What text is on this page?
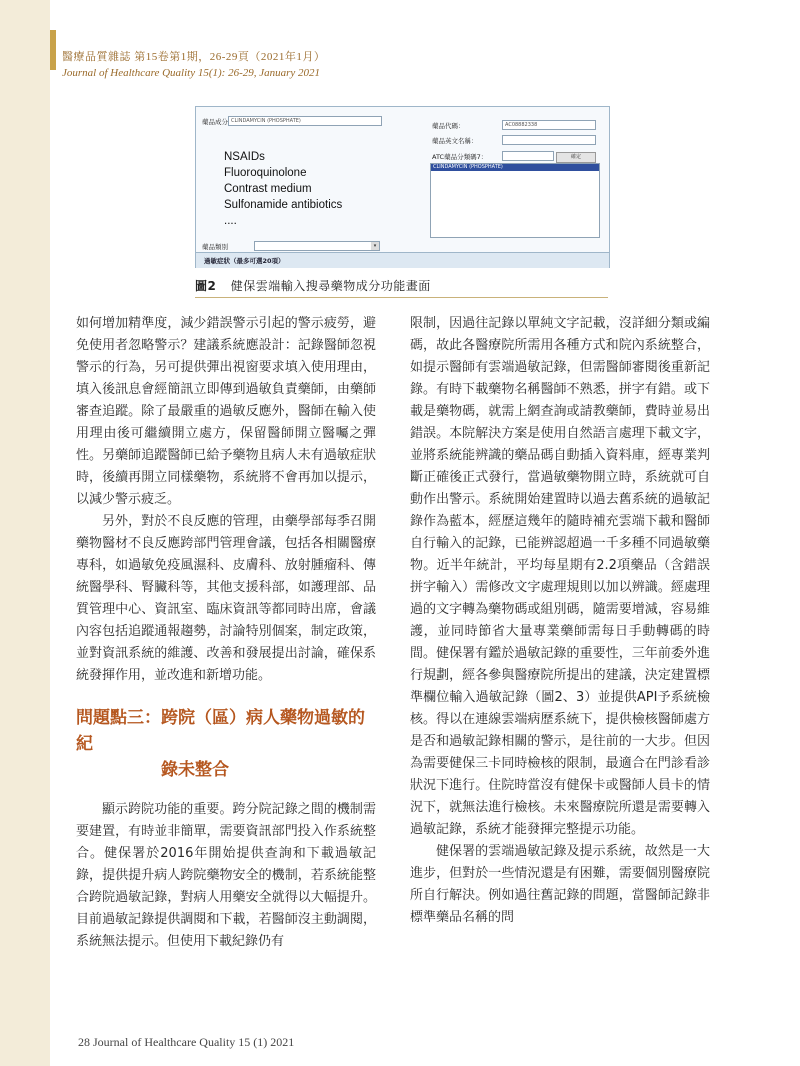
醫療品質雜誌 第15卷第1期，26-29頁（2021年1月）
Journal of Healthcare Quality 15(1): 26-29, January 2021
藥品成分 CLINDAMYCIN (PHOSPHATE)
藥品代碼：	AC08882338
藥品英文名稱：
ATC藥品分類碼7：	確定
CLINDAMYCIN (PHOSPHATE)
NSAIDs
Fluoroquinolone
Contrast medium
Sulfonamide antibiotics
....
藥品類別	▾
過敏症狀（最多可選20項）
圖2 健保雲端輸入搜尋藥物成分功能畫面

如何增加精準度，減少錯誤警示引起的警示疲勞，避免使用者忽略警示？建議系統應設計：記錄醫師忽視警示的行為，另可提供彈出視窗要求填入使用理由，填入後訊息會經簡訊立即傳到過敏負責藥師，由藥師審查追蹤。除了最嚴重的過敏反應外，醫師在輸入使用理由後可繼續開立處方，保留醫師開立醫囑之彈性。另藥師追蹤醫師已給予藥物且病人未有過敏症狀時，後續再開立同樣藥物，系統將不會再加以提示，以減少警示疲乏。

另外，對於不良反應的管理，由藥學部每季召開藥物醫材不良反應跨部門管理會議，包括各相關醫療專科，如過敏免疫風濕科、皮膚科、放射腫瘤科、傳統醫學科、腎臟科等，其他支援科部，如護理部、品質管理中心、資訊室、臨床資訊等都同時出席，會議內容包括追蹤通報趨勢，討論特別個案，制定政策，並對資訊系統的維護、改善和發展提出討論，確保系統發揮作用，並改進和新增功能。

問題點三：跨院（區）病人藥物過敏的紀
錄未整合

顯示跨院功能的重要。跨分院記錄之間的機制需要建置，有時並非簡單，需要資訊部門投入作系統整合。健保署於2016年開始提供查詢和下載過敏記錄，提供提升病人跨院藥物安全的機制，若系統能整合跨院過敏記錄，對病人用藥安全就得以大幅提升。目前過敏記錄提供調閱和下載，若醫師沒主動調閱，系統無法提示。但使用下載紀錄仍有

限制，因過往記錄以單純文字記載，沒詳細分類或編碼，故此各醫療院所需用各種方式和院內系統整合，如提示醫師有雲端過敏記錄，但需醫師審閱後重新記錄。有時下載藥物名稱醫師不熟悉，拼字有錯。或下載是藥物碼，就需上網查詢或請教藥師，費時並易出錯誤。本院解決方案是使用自然語言處理下載文字，並將系統能辨識的藥品碼自動插入資料庫，經專業判斷正確後正式發行，當過敏藥物開立時，系統就可自動作出警示。系統開始建置時以過去舊系統的過敏記錄作為藍本，經歷這幾年的隨時補充雲端下載和醫師自行輸入的記錄，已能辨認超過一千多種不同過敏藥物。近半年統計，平均每星期有2.2項藥品（含錯誤拼字輸入）需修改文字處理規則以加以辨識。經處理過的文字轉為藥物碼或組別碼，隨需要增減，容易維護，並同時節省大量專業藥師需每日手動轉碼的時間。健保署有鑑於過敏記錄的重要性，三年前委外進行規劃，經各參與醫療院所提出的建議，決定建置標準欄位輸入過敏記錄（圖2、3）並提供API予系統檢核。得以在連線雲端病歷系統下，提供檢核醫師處方是否和過敏記錄相關的警示，是往前的一大步。但因為需要健保三卡同時檢核的限制，最適合在門診看診狀況下進行。住院時當沒有健保卡或醫師人員卡的情況下，就無法進行檢核。未來醫療院所還是需要轉入過敏記錄，系統才能發揮完整提示功能。

健保署的雲端過敏記錄及提示系統，故然是一大進步，但對於一些情況還是有困難，需要個別醫療院所自行解決。例如過往舊記錄的問題，當醫師記錄非標準藥品名稱的問

28 Journal of Healthcare Quality 15 (1) 2021
